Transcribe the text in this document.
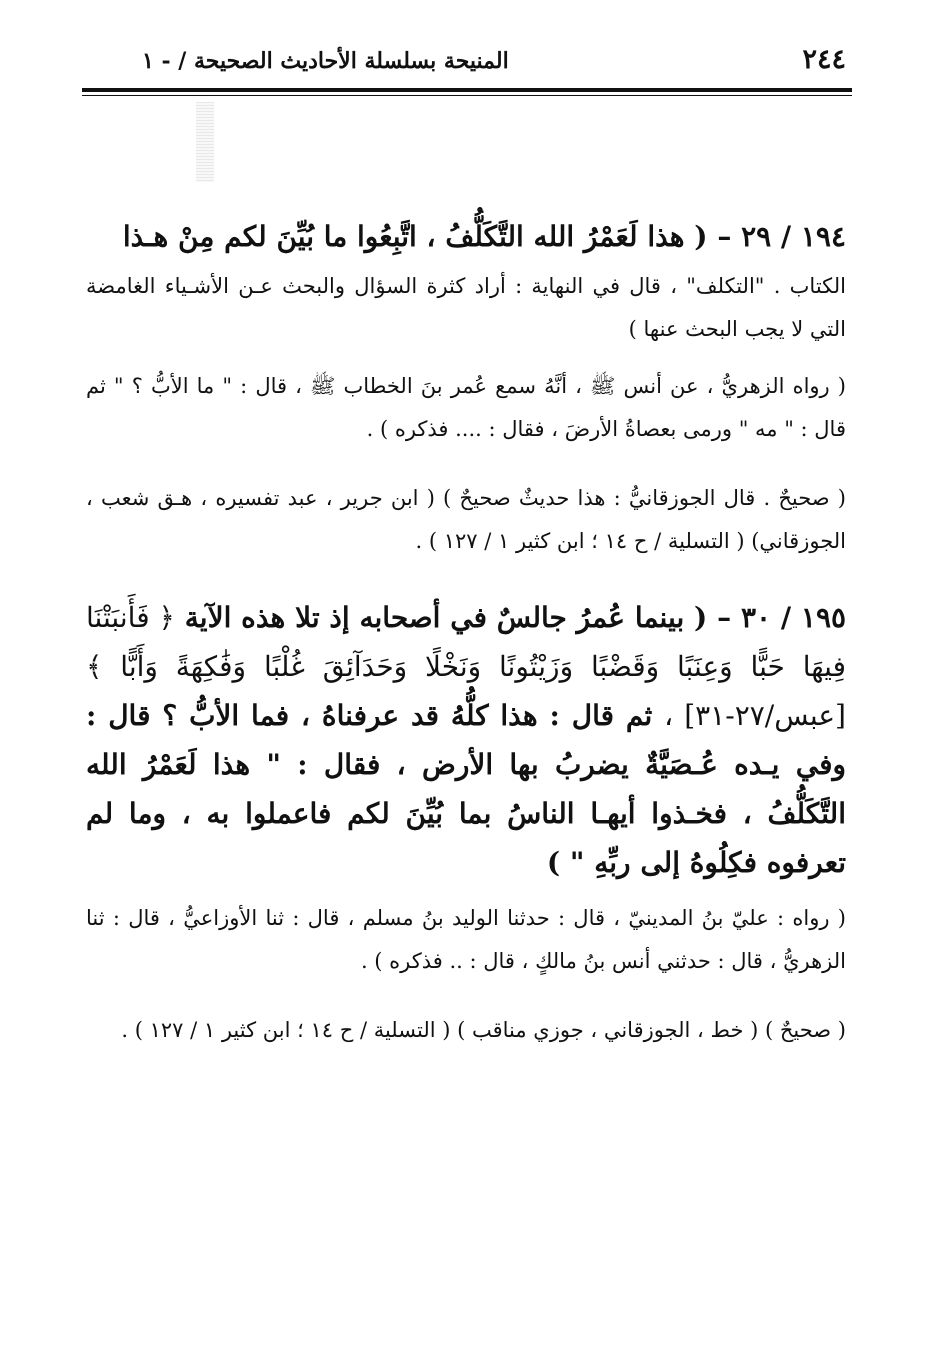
٢٤٤
المنيحة بسلسلة الأحاديث الصحيحة / - ١

١٩٤ / ٢٩ – ( هذا لَعَمْرُ الله التَّكَلُّفُ ، اتَّبِعُوا ما بُيِّنَ لكم مِنْ هـذا

الكتاب . "التكلف" ، قال في النهاية : أراد كثرة السؤال والبحث عـن الأشـياء الغامضة التي لا يجب البحث عنها )

( رواه الزهريُّ ، عن أنس ﷺ ، أنَّهُ سمع عُمر بنَ الخطاب ﷺ ، قال : " ما الأبُّ ؟ " ثم قال : " مه " ورمى بعصاةُ الأرضَ ، فقال : .... فذكره ) .

( صحيحٌ . قال الجوزقانيُّ : هذا حديثٌ صحيحٌ ) ( ابن جرير ، عبد تفسيره ، هـق شعب ، الجوزقاني) ( التسلية / ح ١٤ ؛ ابن كثير ١ / ١٢٧ ) .

١٩٥ / ٣٠ – ( بينما عُمرُ جالسٌ في أصحابه إذ تلا هذه الآية ﴿ فَأَنبَتْنَا فِيهَا حَبًّا وَعِنَبًا وَقَضْبًا وَزَيْتُونًا وَنَخْلًا وَحَدَآئِقَ غُلْبًا وَفَٰكِهَةً وَأَبًّا ﴾ [عبس/٢٧-٣١] ، ثم قال : هذا كلُّهُ قد عرفناهُ ، فما الأبُّ ؟ قال : وفي يـده عُـصَيَّةٌ يضربُ بها الأرض ، فقال : " هذا لَعَمْرُ الله التَّكَلُّفُ ، فخـذوا أيهـا الناسُ بما بُيِّنَ لكم فاعملوا به ، وما لم تعرفوه فكِلُوهُ إلى ربِّهِ " )

( رواه : عليّ بنُ المدينيّ ، قال : حدثنا الوليد بنُ مسلم ، قال : ثنا الأوزاعيُّ ، قال : ثنا الزهريُّ ، قال : حدثني أنس بنُ مالكٍ ، قال : .. فذكره ) .

( صحيحٌ ) ( خط ، الجوزقاني ، جوزي مناقب ) ( التسلية / ح ١٤ ؛ ابن كثير ١ / ١٢٧ ) .
